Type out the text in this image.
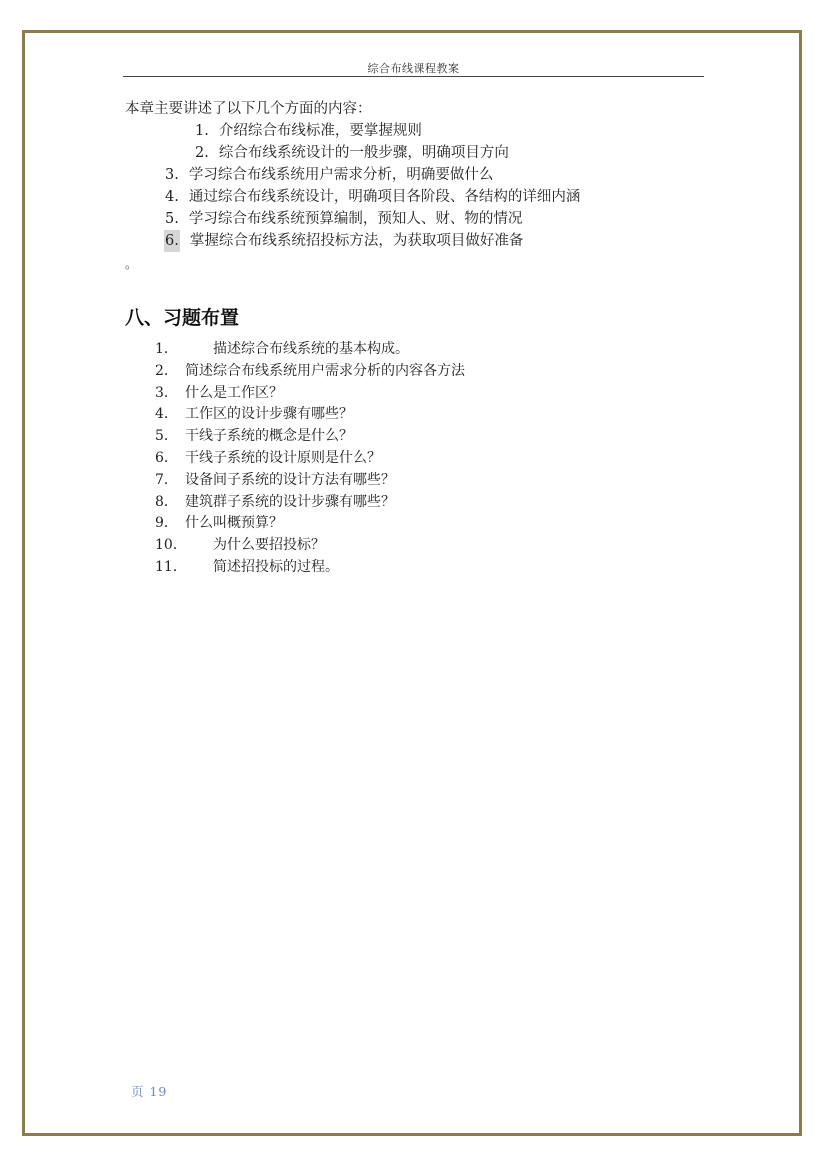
综合布线课程教案
本章主要讲述了以下几个方面的内容：
1. 介绍综合布线标准，要掌握规则
2. 综合布线系统设计的一般步骤，明确项目方向
3. 学习综合布线系统用户需求分析，明确要做什么
4. 通过综合布线系统设计，明确项目各阶段、各结构的详细内涵
5. 学习综合布线系统预算编制，预知人、财、物的情况
6. 掌握综合布线系统招投标方法，为获取项目做好准备
。
八、习题布置
1．	描述综合布线系统的基本构成。
2． 简述综合布线系统用户需求分析的内容各方法
3． 什么是工作区？
4． 工作区的设计步骤有哪些？
5． 干线子系统的概念是什么？
6． 干线子系统的设计原则是什么？
7． 设备间子系统的设计方法有哪些？
8． 建筑群子系统的设计步骤有哪些？
9． 什么叫概预算？
10．	为什么要招投标？
11．	简述招投标的过程。
页 19
